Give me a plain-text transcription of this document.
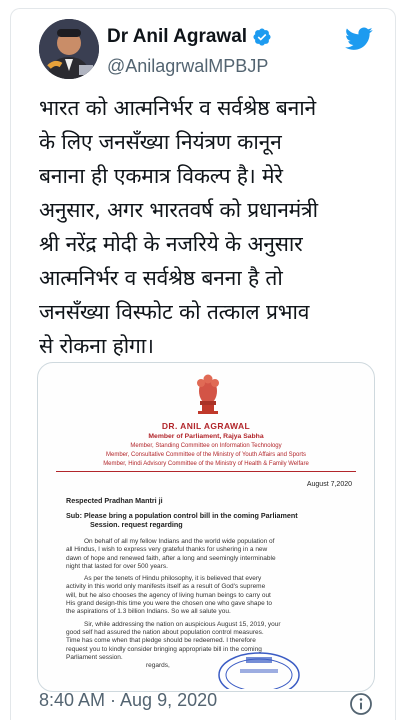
Dr Anil Agrawal
@AnilagrwalMPBJP
भारत को आत्मनिर्भर व सर्वश्रेष्ठ बनाने
के लिए जनसँख्या नियंत्रण कानून
बनाना ही एकमात्र विकल्प है। मेरे
अनुसार, अगर भारतवर्ष को प्रधानमंत्री
श्री नरेंद्र मोदी के नजरिये के अनुसार
आत्मनिर्भर व सर्वश्रेष्ठ बनना है तो
जनसँख्या विस्फोट को तत्काल प्रभाव
से रोकना होगा।
DR. ANIL AGRAWAL
Member of Parliament, Rajya Sabha
Member, Standing Committee on Information Technology
Member, Consultative Committee of the Ministry of Youth Affairs and Sports
Member, Hindi Advisory Committee of the Ministry of Health & Family Welfare
August 7,2020
Respected Pradhan Mantri ji
Sub: Please bring a population control bill in the coming Parliament
Session. request regarding
On behalf of all my fellow Indians and the world wide population of
all Hindus, I wish to express very grateful thanks for ushering in a new
dawn of hope and renewed faith, after a long and seemingly interminable
night that lasted for over 500 years.
As per the tenets of Hindu philosophy, it is believed that every
activity in this world only manifests itself as a result of God's supreme
will, but he also chooses the agency of living human beings to carry out
His grand design-this time you were the chosen one who gave shape to
the aspirations of 1.3 billion Indians. So we all salute you.
Sir, while addressing the nation on auspicious August 15, 2019, your
good self had assured the nation about population control measures.
Time has come when that pledge should be redeemed. I therefore
request you to kindly consider bringing appropriate bill in the coming
Parliament session.
regards,
8:40 AM · Aug 9, 2020
